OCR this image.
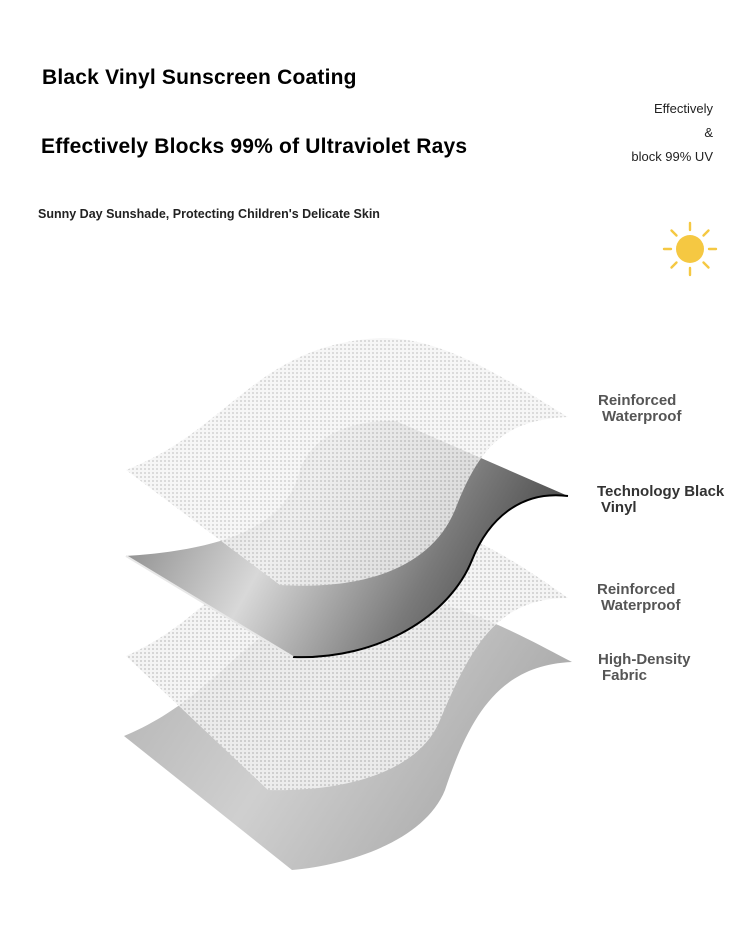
Black Vinyl Sunscreen Coating
Effectively Blocks 99% of Ultraviolet Rays
Sunny Day Sunshade, Protecting Children's Delicate Skin
Effectively
&
block 99% UV
Reinforced
Waterproof
Technology Black
Vinyl
Reinforced
Waterproof
High-Density
Fabric
